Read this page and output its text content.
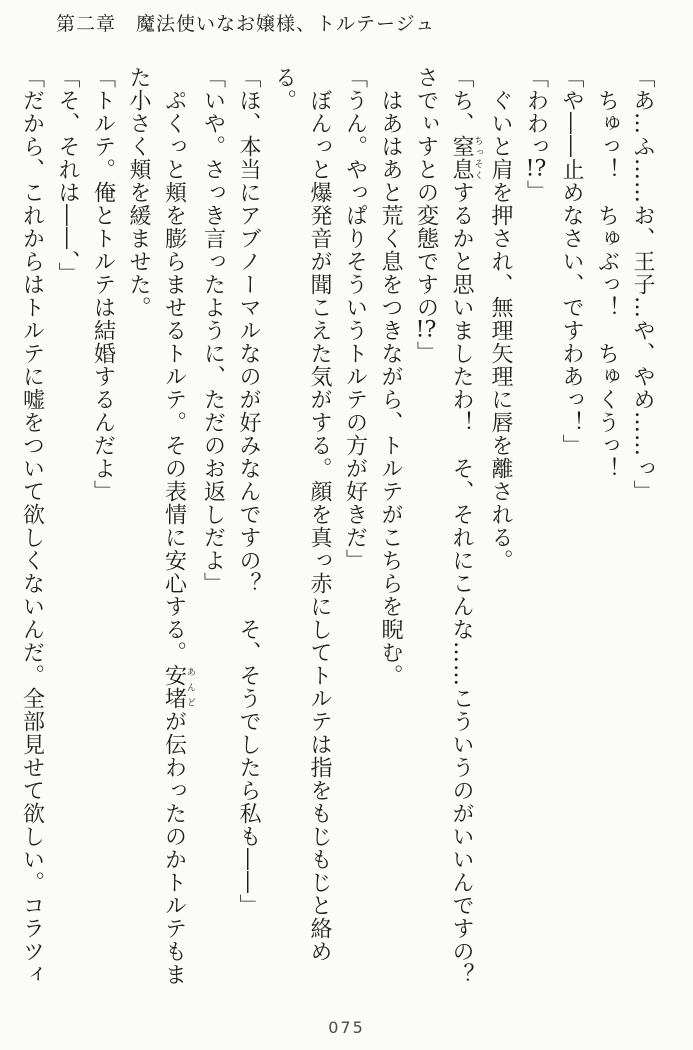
第二章　魔法使いなお嬢様、トルテージュ

「あ…ふ……お、王子…や、やめ……っ」

ちゅっ！　ちゅぶっ！　ちゅくうっ！

「や――止めなさい、ですわあっ！」

「わわっ!?」

ぐいと肩を押され、無理矢理に唇を離される。

「ち、窒息ちっそくするかと思いましたわ！　そ、それにこんな……こういうのがいいんですの？

さでぃすとの変態ですの!?」

はあはあと荒く息をつきながら、トルテがこちらを睨む。

「うん。やっぱりそういうトルテの方が好きだ」

ぼんっと爆発音が聞こえた気がする。顔を真っ赤にしてトルテは指をもじもじと絡める。

「ほ、本当にアブノーマルなのが好みなんですの？　そ、そうでしたら私も――」

「いや。さっき言ったように、ただのお返しだよ」

ぷくっと頬を膨らませるトルテ。その表情に安心する。安堵あんどが伝わったのかトルテもま

た小さく頬を緩ませた。

「トルテ。俺とトルテは結婚するんだよ」

「そ、それは――、」

「だから、これからはトルテに嘘をついて欲しくないんだ。全部見せて欲しい。コラツィ

075
